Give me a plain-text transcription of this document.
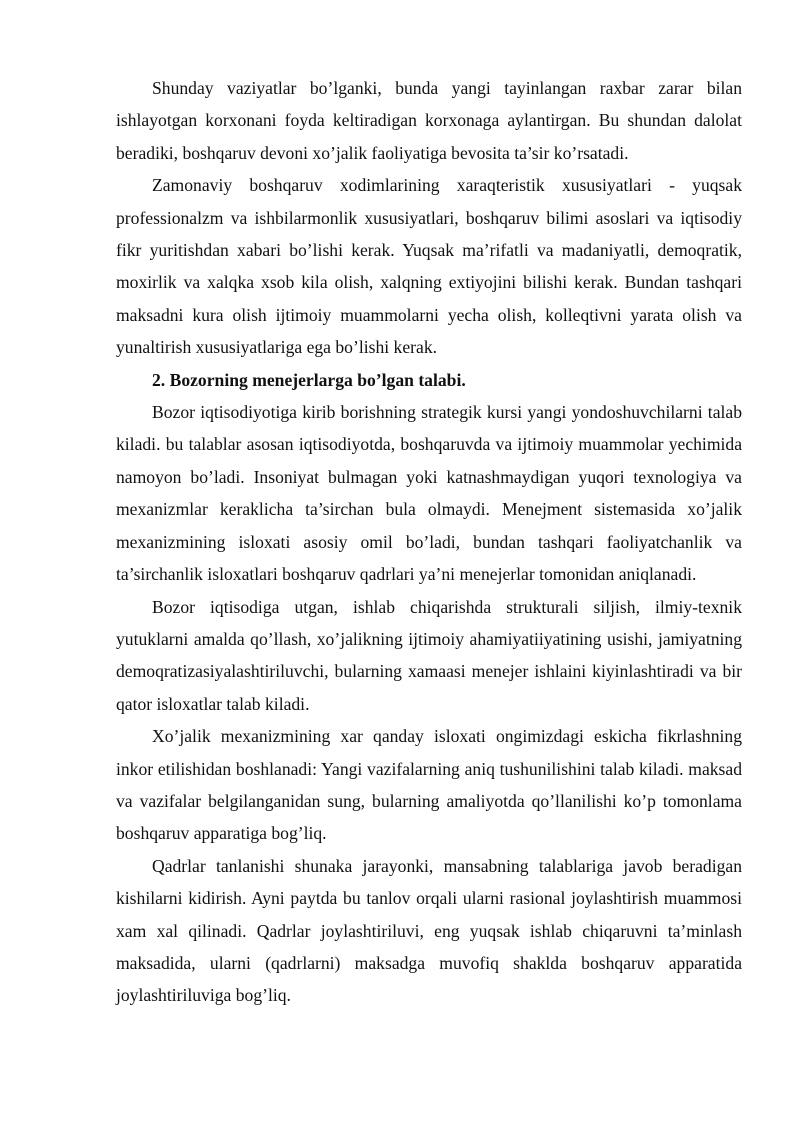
Shunday vaziyatlar bo’lganki, bunda yangi tayinlangan raxbar zarar bilan ishlayotgan korxonani foyda keltiradigan korxonaga aylantirgan. Bu shundan dalolat beradiki, boshqaruv devoni xo’jalik faoliyatiga bevosita ta’sir ko’rsatadi.

Zamonaviy boshqaruv xodimlarining xaraqteristik xususiyatlari - yuqsak professionalzm va ishbilarmonlik xususiyatlari, boshqaruv bilimi asoslari va iqtisodiy fikr yuritishdan xabari bo’lishi kerak. Yuqsak ma’rifatli va madaniyatli, demoqratik, moxirlik va xalqka xsob kila olish, xalqning extiyojini bilishi kerak. Bundan tashqari maksadni kura olish ijtimoiy muammolarni yecha olish, kolleqtivni yarata olish va yunaltirish xususiyatlariga ega bo’lishi kerak.

2. Bozorning menejerlarga bo’lgan talabi.

Bozor iqtisodiyotiga kirib borishning strategik kursi yangi yondoshuvchilarni talab kiladi. bu talablar asosan iqtisodiyotda, boshqaruvda va ijtimoiy muammolar yechimida namoyon bo’ladi. Insoniyat bulmagan yoki katnashmaydigan yuqori texnologiya va mexanizmlar keraklicha ta’sirchan bula olmaydi. Menejment sistemasida xo’jalik mexanizmining isloxati asosiy omil bo’ladi, bundan tashqari faoliyatchanlik va ta’sirchanlik isloxatlari boshqaruv qadrlari ya’ni menejerlar tomonidan aniqlanadi.

Bozor iqtisodiga utgan, ishlab chiqarishda strukturali siljish, ilmiy-texnik yutuklarni amalda qo’llash, xo’jalikning ijtimoiy ahamiyatiiyatining usishi, jamiyatning demoqratizasiyalashtiriluvchi, bularning xamaasi menejer ishlaini kiyinlashtiradi va bir qator isloxatlar talab kiladi.

Xo’jalik mexanizmining xar qanday isloxati ongimizdagi eskicha fikrlashning inkor etilishidan boshlanadi: Yangi vazifalarning aniq tushunilishini talab kiladi. maksad va vazifalar belgilanganidan sung, bularning amaliyotda qo’llanilishi ko’p tomonlama boshqaruv apparatiga bog’liq.

Qadrlar tanlanishi shunaka jarayonki, mansabning talablariga javob beradigan kishilarni kidirish. Ayni paytda bu tanlov orqali ularni rasional joylashtirish muammosi xam xal qilinadi. Qadrlar joylashtiriluvi, eng yuqsak ishlab chiqaruvni ta’minlash maksadida, ularni (qadrlarni) maksadga muvofiq shaklda boshqaruv apparatida joylashtiriluviga bog’liq.
